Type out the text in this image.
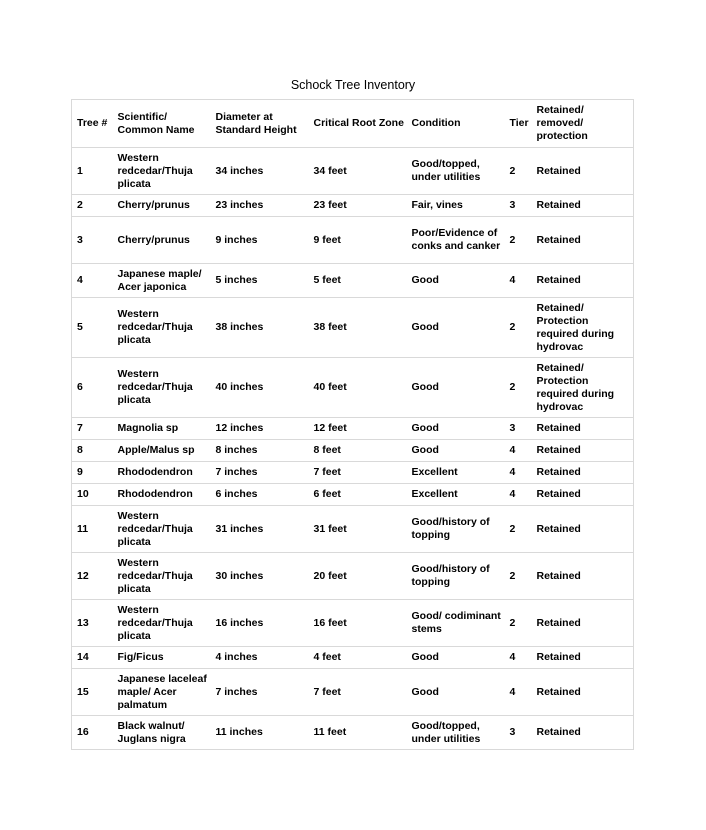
Schock Tree Inventory
Tree #	Scientific/ Common Name	Diameter at Standard Height	Critical Root Zone	Condition	Tier	Retained/ removed/ protection
1	Western redcedar/Thuja plicata	34 inches	34 feet	Good/topped, under utilities	2	Retained
2	Cherry/prunus	23 inches	23 feet	Fair, vines	3	Retained
3	Cherry/prunus	9 inches	9 feet	Poor/Evidence of conks and canker	2	Retained
4	Japanese maple/ Acer japonica	5 inches	5 feet	Good	4	Retained
5	Western redcedar/Thuja plicata	38 inches	38 feet	Good	2	Retained/ Protection required during hydrovac
6	Western redcedar/Thuja plicata	40 inches	40 feet	Good	2	Retained/ Protection required during hydrovac
7	Magnolia sp	12 inches	12 feet	Good	3	Retained
8	Apple/Malus sp	8 inches	8 feet	Good	4	Retained
9	Rhododendron	7 inches	7 feet	Excellent	4	Retained
10	Rhododendron	6 inches	6 feet	Excellent	4	Retained
11	Western redcedar/Thuja plicata	31 inches	31 feet	Good/history of topping	2	Retained
12	Western redcedar/Thuja plicata	30 inches	20 feet	Good/history of topping	2	Retained
13	Western redcedar/Thuja plicata	16 inches	16 feet	Good/ codiminant stems	2	Retained
14	Fig/Ficus	4 inches	4 feet	Good	4	Retained
15	Japanese laceleaf maple/ Acer palmatum	7 inches	7 feet	Good	4	Retained
16	Black walnut/ Juglans nigra	11 inches	11 feet	Good/topped, under utilities	3	Retained
